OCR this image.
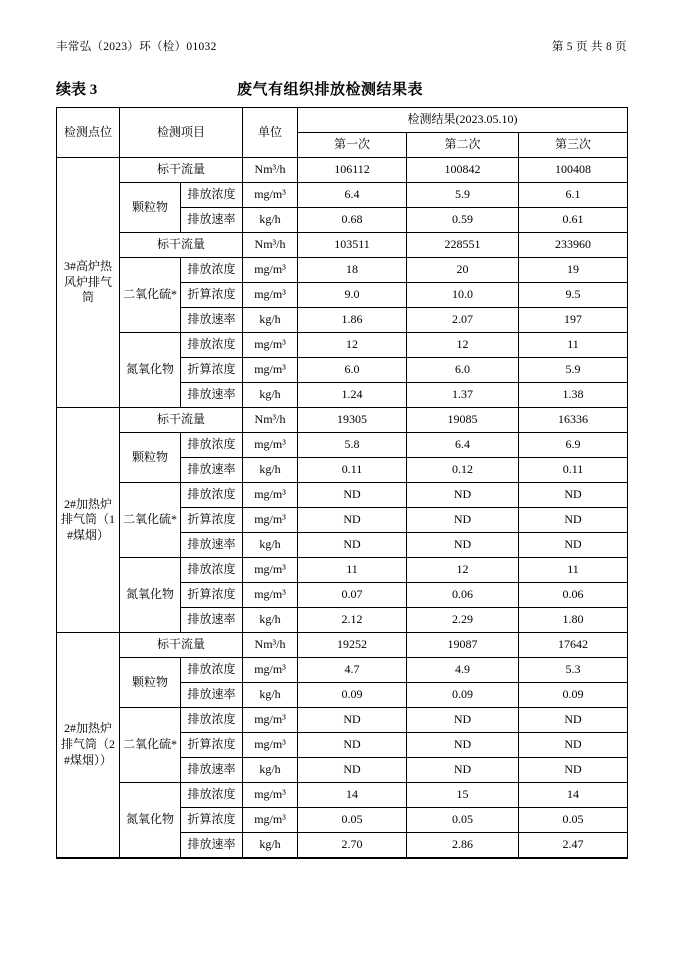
丰常弘（2023）环（检）01032	第 5 页 共 8 页
续表 3	废气有组织排放检测结果表
检测点位	检测项目		单位	检测结果(2023.05.10)		
				第一次	第二次	第三次
3#高炉热风炉排气筒	标干流量		Nm³/h	106112	100842	100408
	颗粒物	排放浓度	mg/m³	6.4	5.9	6.1
		排放速率	kg/h	0.68	0.59	0.61
	标干流量		Nm³/h	103511	228551	233960
	二氧化硫*	排放浓度	mg/m³	18	20	19
		折算浓度	mg/m³	9.0	10.0	9.5
		排放速率	kg/h	1.86	2.07	197
	氮氧化物	排放浓度	mg/m³	12	12	11
		折算浓度	mg/m³	6.0	6.0	5.9
		排放速率	kg/h	1.24	1.37	1.38
2#加热炉排气筒（1#煤烟）	标干流量		Nm³/h	19305	19085	16336
	颗粒物	排放浓度	mg/m³	5.8	6.4	6.9
		排放速率	kg/h	0.11	0.12	0.11
	二氧化硫*	排放浓度	mg/m³	ND	ND	ND
		折算浓度	mg/m³	ND	ND	ND
		排放速率	kg/h	ND	ND	ND
	氮氧化物	排放浓度	mg/m³	11	12	11
		折算浓度	mg/m³	0.07	0.06	0.06
		排放速率	kg/h	2.12	2.29	1.80
2#加热炉排气筒（2#煤烟））	标干流量		Nm³/h	19252	19087	17642
	颗粒物	排放浓度	mg/m³	4.7	4.9	5.3
		排放速率	kg/h	0.09	0.09	0.09
	二氧化硫*	排放浓度	mg/m³	ND	ND	ND
		折算浓度	mg/m³	ND	ND	ND
		排放速率	kg/h	ND	ND	ND
	氮氧化物	排放浓度	mg/m³	14	15	14
		折算浓度	mg/m³	0.05	0.05	0.05
		排放速率	kg/h	2.70	2.86	2.47
